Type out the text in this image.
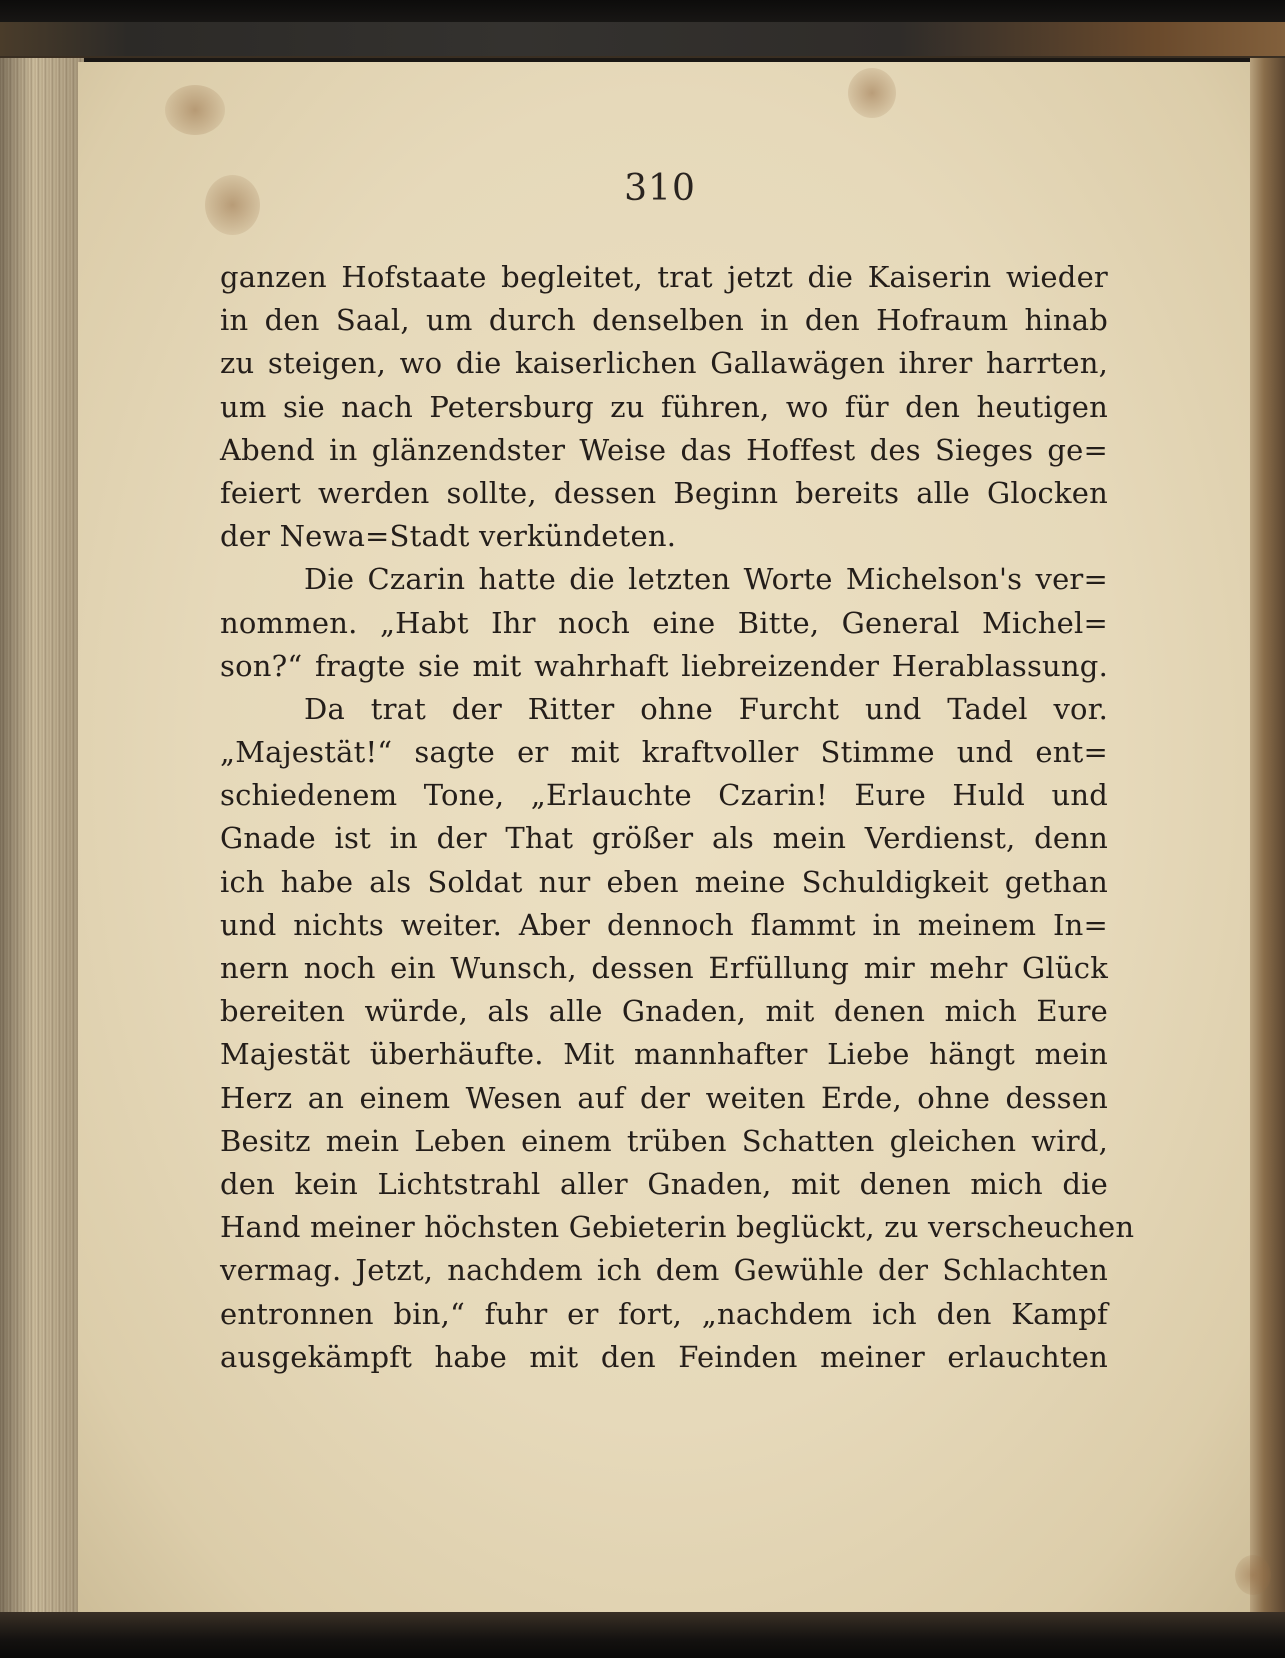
310
ganzen Hofstaate begleitet, trat jetzt die Kaiserin wieder
in den Saal, um durch denselben in den Hofraum hinab
zu steigen, wo die kaiserlichen Gallawägen ihrer harrten,
um sie nach Petersburg zu führen, wo für den heutigen
Abend in glänzendster Weise das Hoffest des Sieges ge=
feiert werden sollte, dessen Beginn bereits alle Glocken
der Newa=Stadt verkündeten.
Die Czarin hatte die letzten Worte Michelson's ver=
nommen. „Habt Ihr noch eine Bitte, General Michel=
son?“ fragte sie mit wahrhaft liebreizender Herablassung.
Da trat der Ritter ohne Furcht und Tadel vor.
„Majestät!“ sagte er mit kraftvoller Stimme und ent=
schiedenem Tone, „Erlauchte Czarin! Eure Huld und
Gnade ist in der That größer als mein Verdienst, denn
ich habe als Soldat nur eben meine Schuldigkeit gethan
und nichts weiter. Aber dennoch flammt in meinem In=
nern noch ein Wunsch, dessen Erfüllung mir mehr Glück
bereiten würde, als alle Gnaden, mit denen mich Eure
Majestät überhäufte. Mit mannhafter Liebe hängt mein
Herz an einem Wesen auf der weiten Erde, ohne dessen
Besitz mein Leben einem trüben Schatten gleichen wird,
den kein Lichtstrahl aller Gnaden, mit denen mich die
Hand meiner höchsten Gebieterin beglückt, zu verscheuchen
vermag. Jetzt, nachdem ich dem Gewühle der Schlachten
entronnen bin,“ fuhr er fort, „nachdem ich den Kampf
ausgekämpft habe mit den Feinden meiner erlauchten
